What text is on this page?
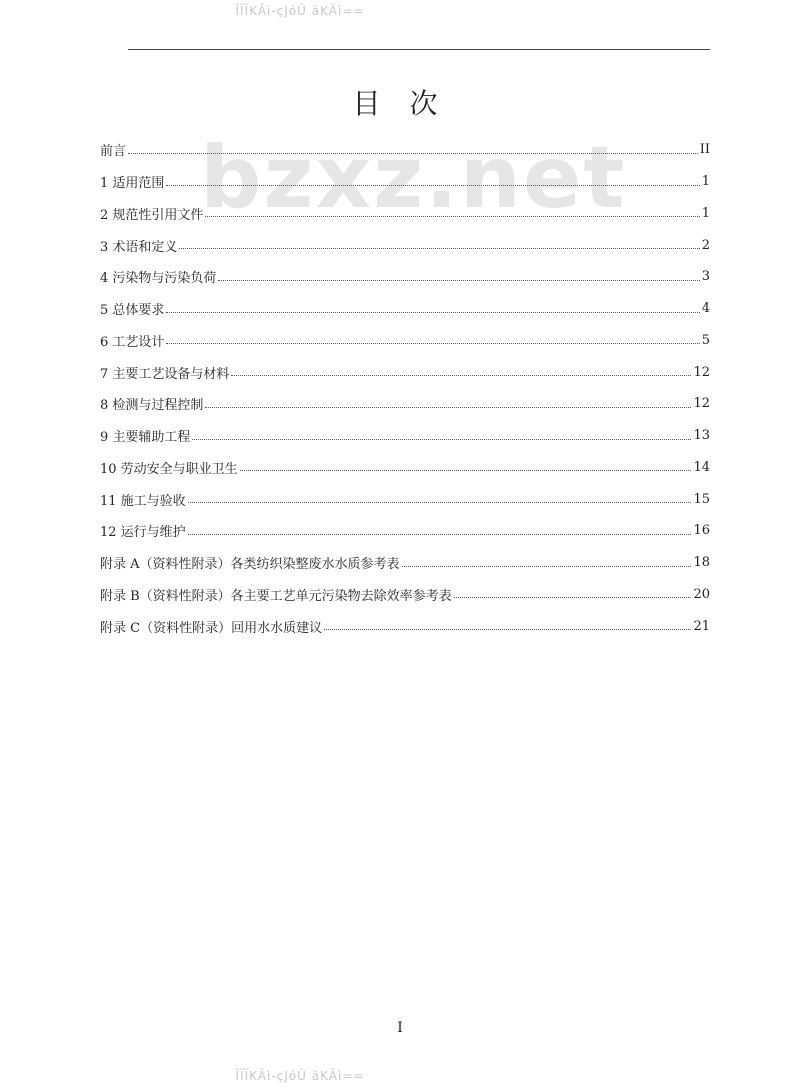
ÏÏÏKÃì-çJóÛ äKÃì==
目 次
bzxz.net
前言	II
1 适用范围	1
2 规范性引用文件	1
3 术语和定义	2
4 污染物与污染负荷	3
5 总体要求	4
6 工艺设计	5
7 主要工艺设备与材料	12
8 检测与过程控制	12
9 主要辅助工程	13
10 劳动安全与职业卫生	14
11 施工与验收	15
12 运行与维护	16
附录 A（资料性附录）各类纺织染整废水水质参考表	18
附录 B（资料性附录）各主要工艺单元污染物去除效率参考表	20
附录 C（资料性附录）回用水水质建议	21
I
ÏÏÏKÃì-çJóÛ äKÃì==
